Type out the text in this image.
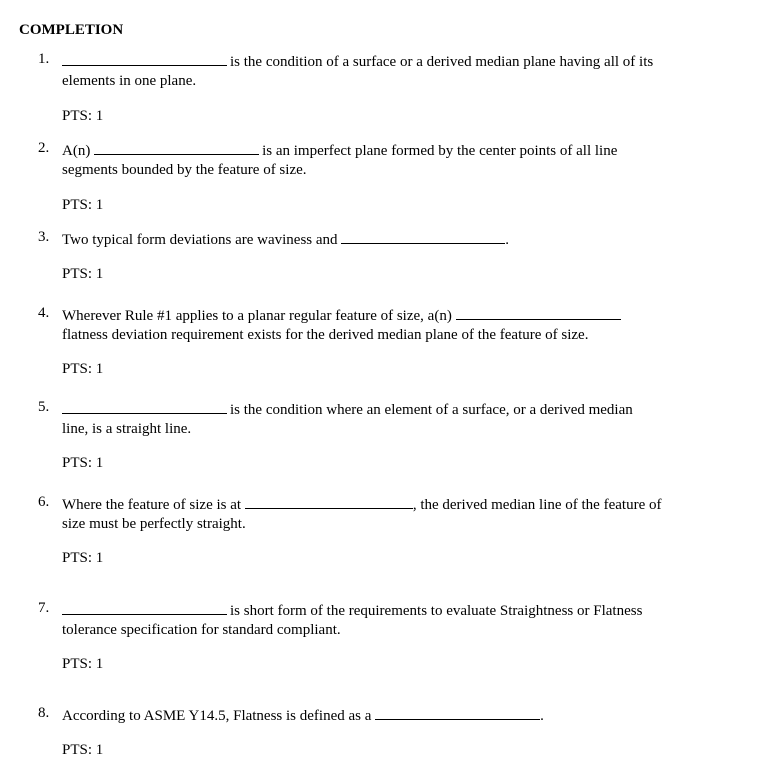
COMPLETION
1.	is the condition of a surface or a derived median plane having all of its
elements in one plane.
PTS: 1
2. A(n)	is an imperfect plane formed by the center points of all line
segments bounded by the feature of size.
PTS: 1
3. Two typical form deviations are waviness and	.
PTS: 1
4. Wherever Rule #1 applies to a planar regular feature of size, a(n)
flatness deviation requirement exists for the derived median plane of the feature of size.
PTS: 1
5.	is the condition where an element of a surface, or a derived median
line, is a straight line.
PTS: 1
6. Where the feature of size is at	, the derived median line of the feature of
size must be perfectly straight.
PTS: 1
7.	is short form of the requirements to evaluate Straightness or Flatness
tolerance specification for standard compliant.
PTS: 1
8. According to ASME Y14.5, Flatness is defined as a	.
PTS: 1
